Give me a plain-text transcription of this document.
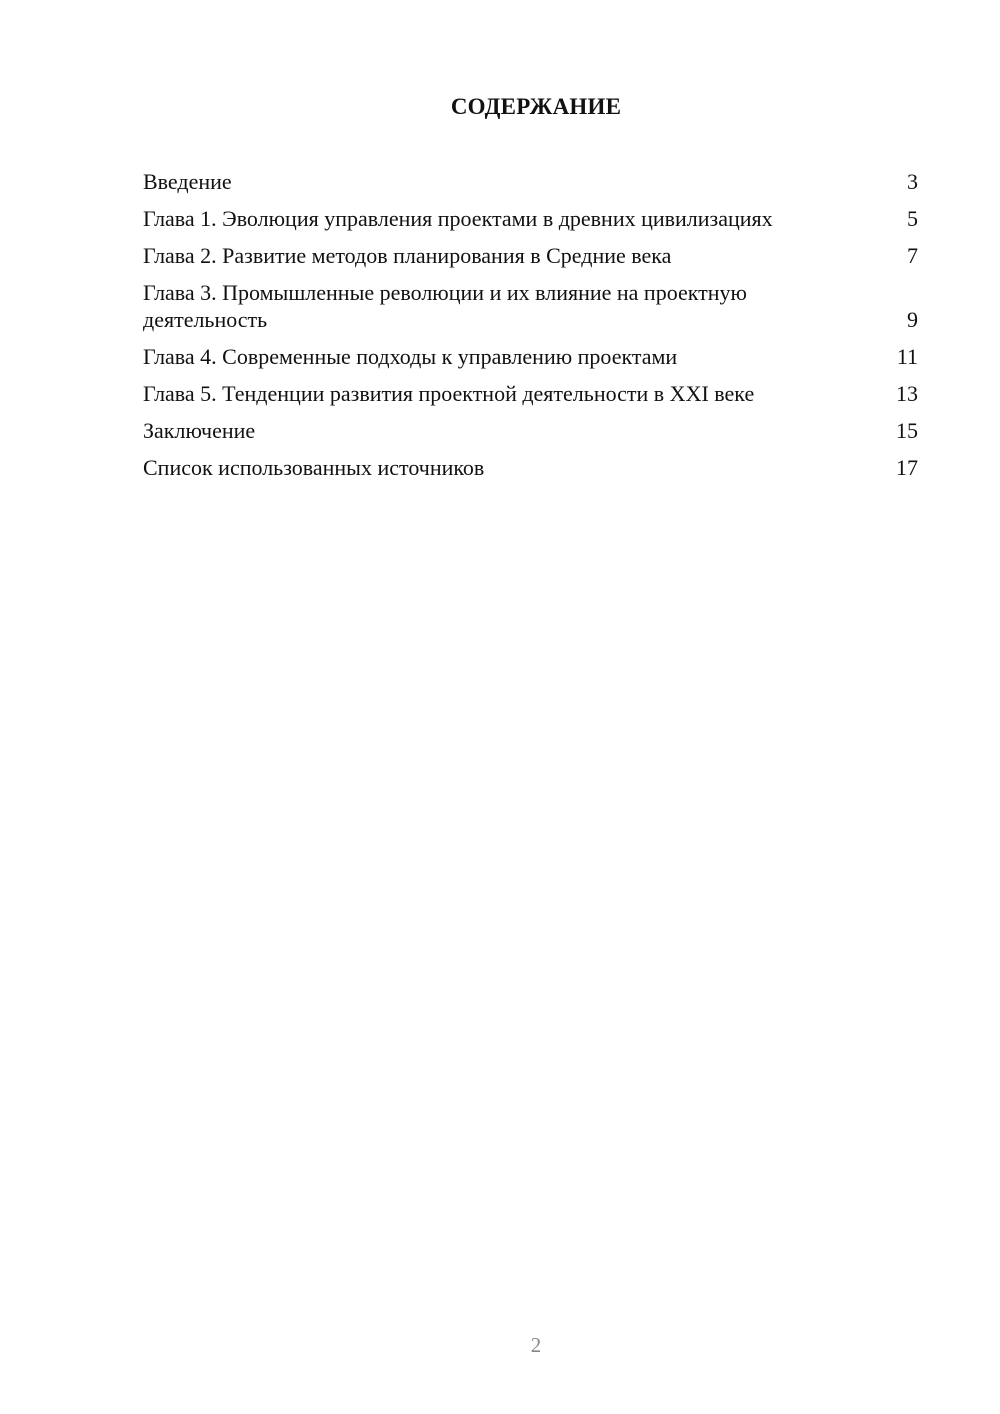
СОДЕРЖАНИЕ
Введение	3
Глава 1. Эволюция управления проектами в древних цивилизациях	5
Глава 2. Развитие методов планирования в Средние века	7
Глава 3. Промышленные революции и их влияние на проектную деятельность	9
Глава 4. Современные подходы к управлению проектами	11
Глава 5. Тенденции развития проектной деятельности в XXI веке	13
Заключение	15
Список использованных источников	17
2
